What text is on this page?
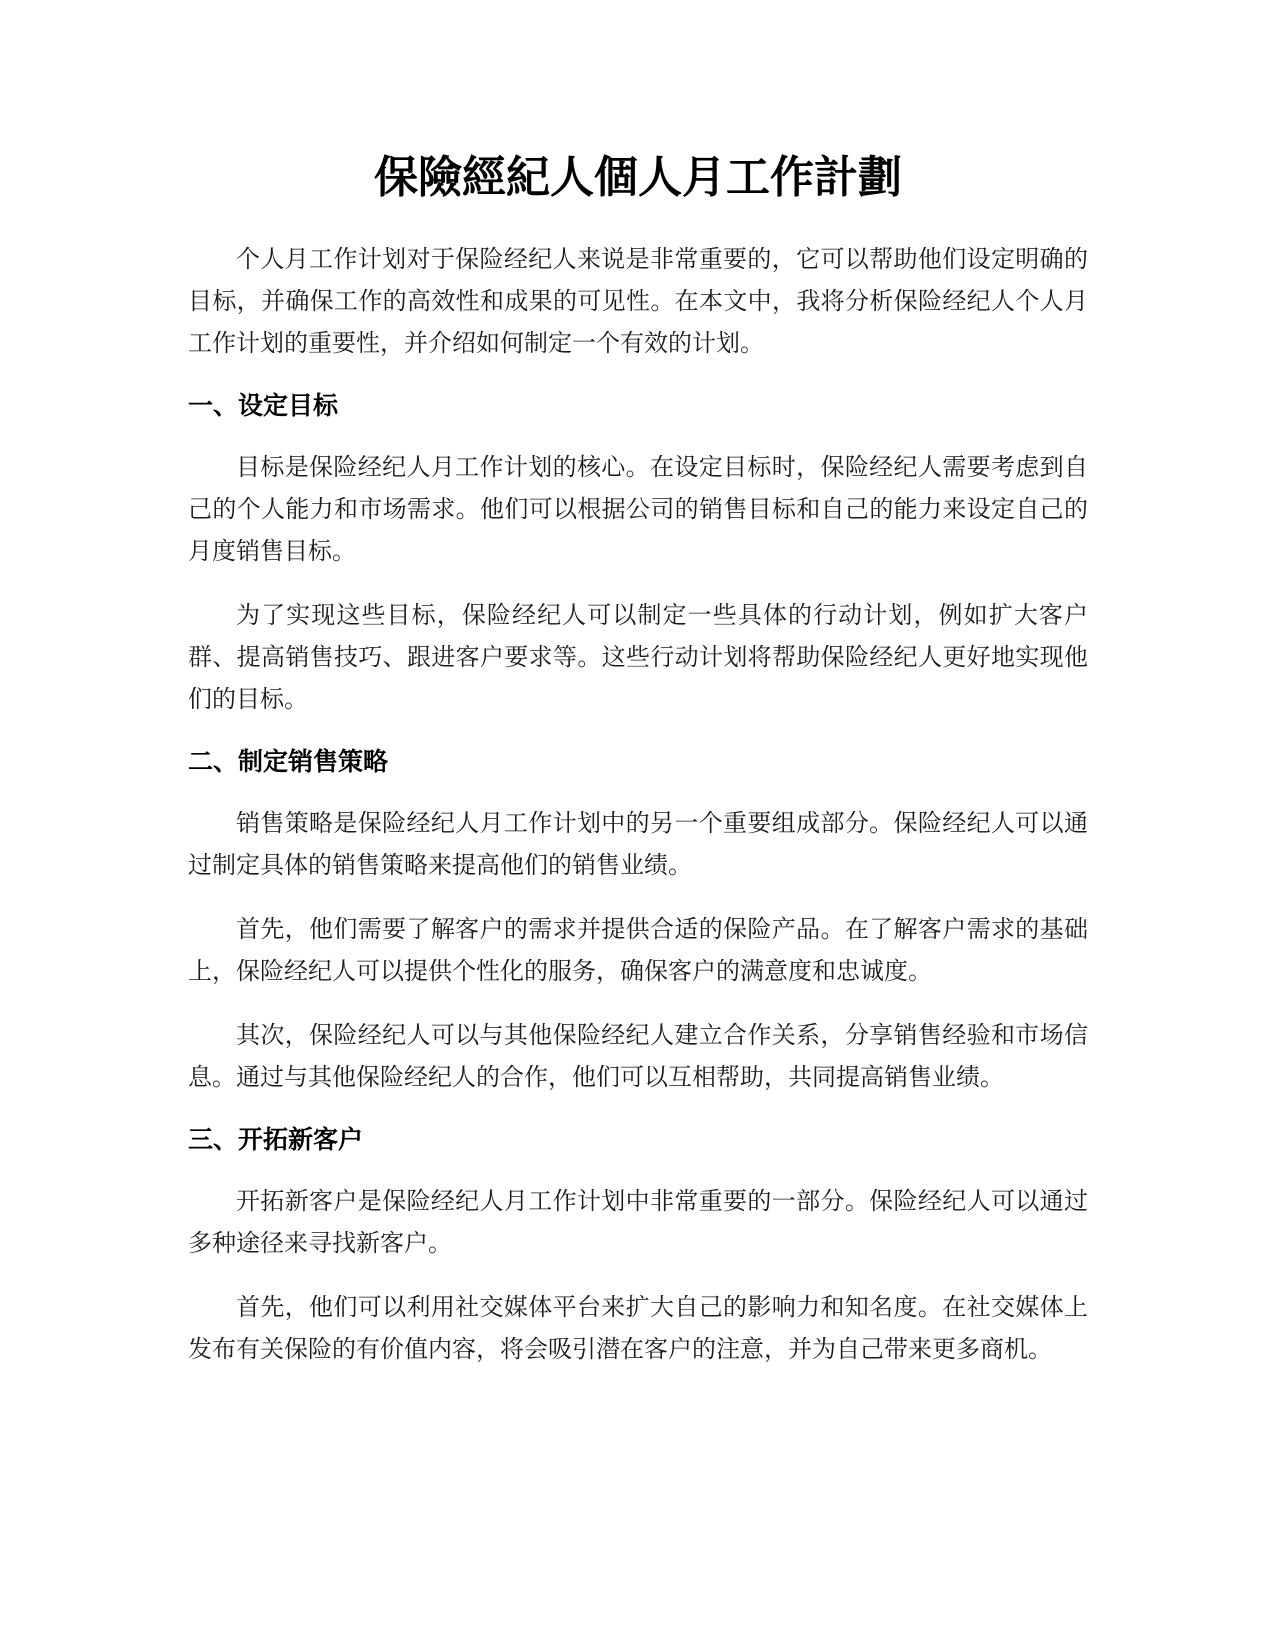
保險經紀人個人月工作計劃

个人月工作计划对于保险经纪人来说是非常重要的，它可以帮助他们设定明确的目标，并确保工作的高效性和成果的可见性。在本文中，我将分析保险经纪人个人月工作计划的重要性，并介绍如何制定一个有效的计划。

一、设定目标

目标是保险经纪人月工作计划的核心。在设定目标时，保险经纪人需要考虑到自己的个人能力和市场需求。他们可以根据公司的销售目标和自己的能力来设定自己的月度销售目标。

为了实现这些目标，保险经纪人可以制定一些具体的行动计划，例如扩大客户群、提高销售技巧、跟进客户要求等。这些行动计划将帮助保险经纪人更好地实现他们的目标。

二、制定销售策略

销售策略是保险经纪人月工作计划中的另一个重要组成部分。保险经纪人可以通过制定具体的销售策略来提高他们的销售业绩。

首先，他们需要了解客户的需求并提供合适的保险产品。在了解客户需求的基础上，保险经纪人可以提供个性化的服务，确保客户的满意度和忠诚度。

其次，保险经纪人可以与其他保险经纪人建立合作关系，分享销售经验和市场信息。通过与其他保险经纪人的合作，他们可以互相帮助，共同提高销售业绩。

三、开拓新客户

开拓新客户是保险经纪人月工作计划中非常重要的一部分。保险经纪人可以通过多种途径来寻找新客户。

首先，他们可以利用社交媒体平台来扩大自己的影响力和知名度。在社交媒体上发布有关保险的有价值内容，将会吸引潜在客户的注意，并为自己带来更多商机。
